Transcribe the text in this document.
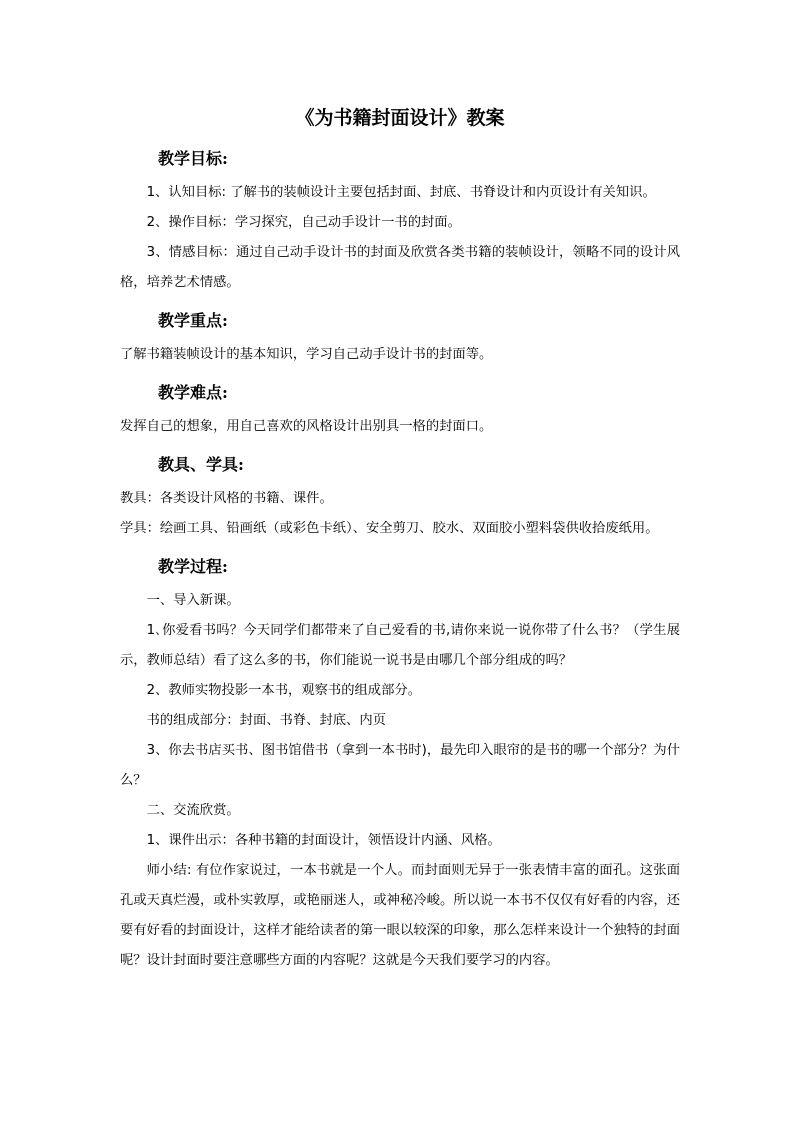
《为书籍封面设计》教案
教学目标:

1、认知目标: 了解书的装帧设计主要包括封面、封底、书脊设计和内页设计有关知识。

2、操作目标：学习探究，自己动手设计一书的封面。

3、情感目标：通过自己动手设计书的封面及欣赏各类书籍的装帧设计，领略不同的设计风格，培养艺术情感。

教学重点:

了解书籍装帧设计的基本知识，学习自己动手设计书的封面等。

教学难点:

发挥自己的想象，用自己喜欢的风格设计出别具一格的封面口。

教具、学具:

教具：各类设计风格的书籍、课件。

学具：绘画工具、铅画纸（或彩色卡纸）、安全剪刀、胶水、双面胶小塑料袋供收拾废纸用。

教学过程:

一、导入新课。

1､你爱看书吗？今天同学们都带来了自己爱看的书,请你来说一说你带了什么书？（学生展示，教师总结）看了这么多的书，你们能说一说书是由哪几个部分组成的吗？

2、教师实物投影一本书，观察书的组成部分。

书的组成部分：封面、书脊、封底、内页

3、你去书店买书、图书馆借书（拿到一本书时)，最先印入眼帘的是书的哪一个部分？为什么？

二、交流欣赏。

1、课件出示：各种书籍的封面设计，领悟设计内涵、风格。

师小结: 有位作家说过，一本书就是一个人。而封面则无异于一张表情丰富的面孔。这张面孔或天真烂漫，或朴实敦厚，或艳丽迷人，或神秘冷峻。所以说一本书不仅仅有好看的内容，还要有好看的封面设计，这样才能给读者的第一眼以较深的印象，那么怎样来设计一个独特的封面呢？设计封面时要注意哪些方面的内容呢？这就是今天我们要学习的内容。
